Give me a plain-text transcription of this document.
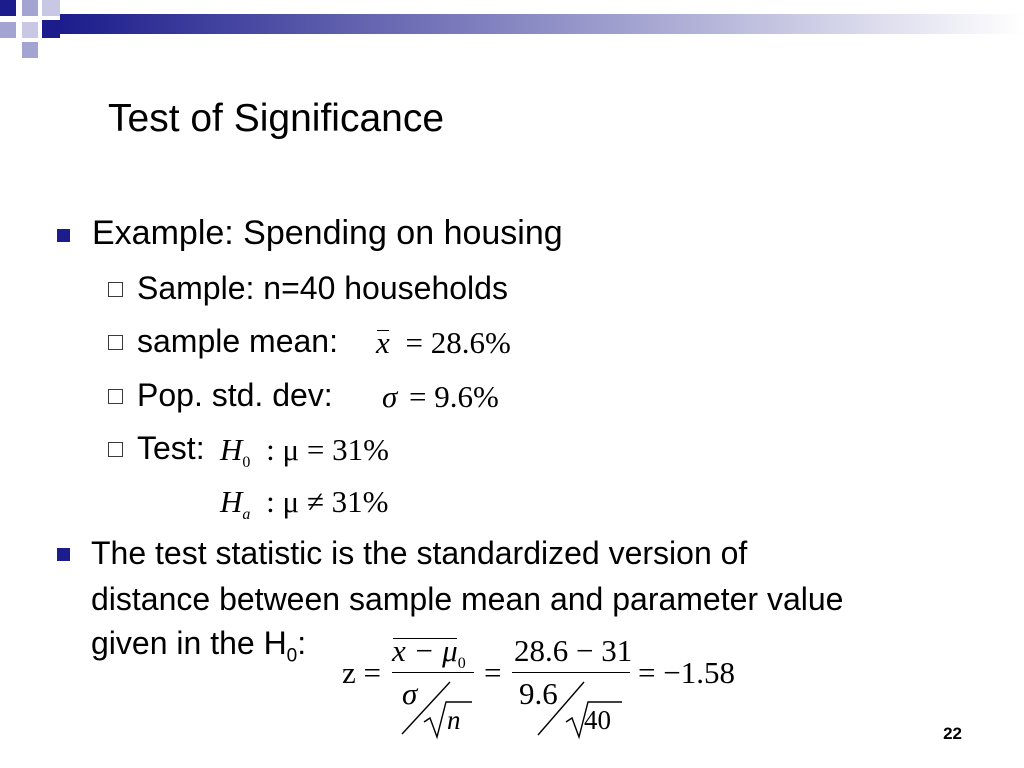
Test of Significance
Example: Spending on housing
Sample: n=40 households
sample mean: x = 28.6%
Pop. std. dev: σ = 9.6%
Test: $H_0$ : μ = 31%
$H_a$ : μ ≠ 31%
The test statistic is the standardized version of
distance between sample mean and parameter value
given in the $H_0$:
z =
$x - \mu_0$
σ
n
=
28.6 − 31
9.6
40
= −1.58
22
